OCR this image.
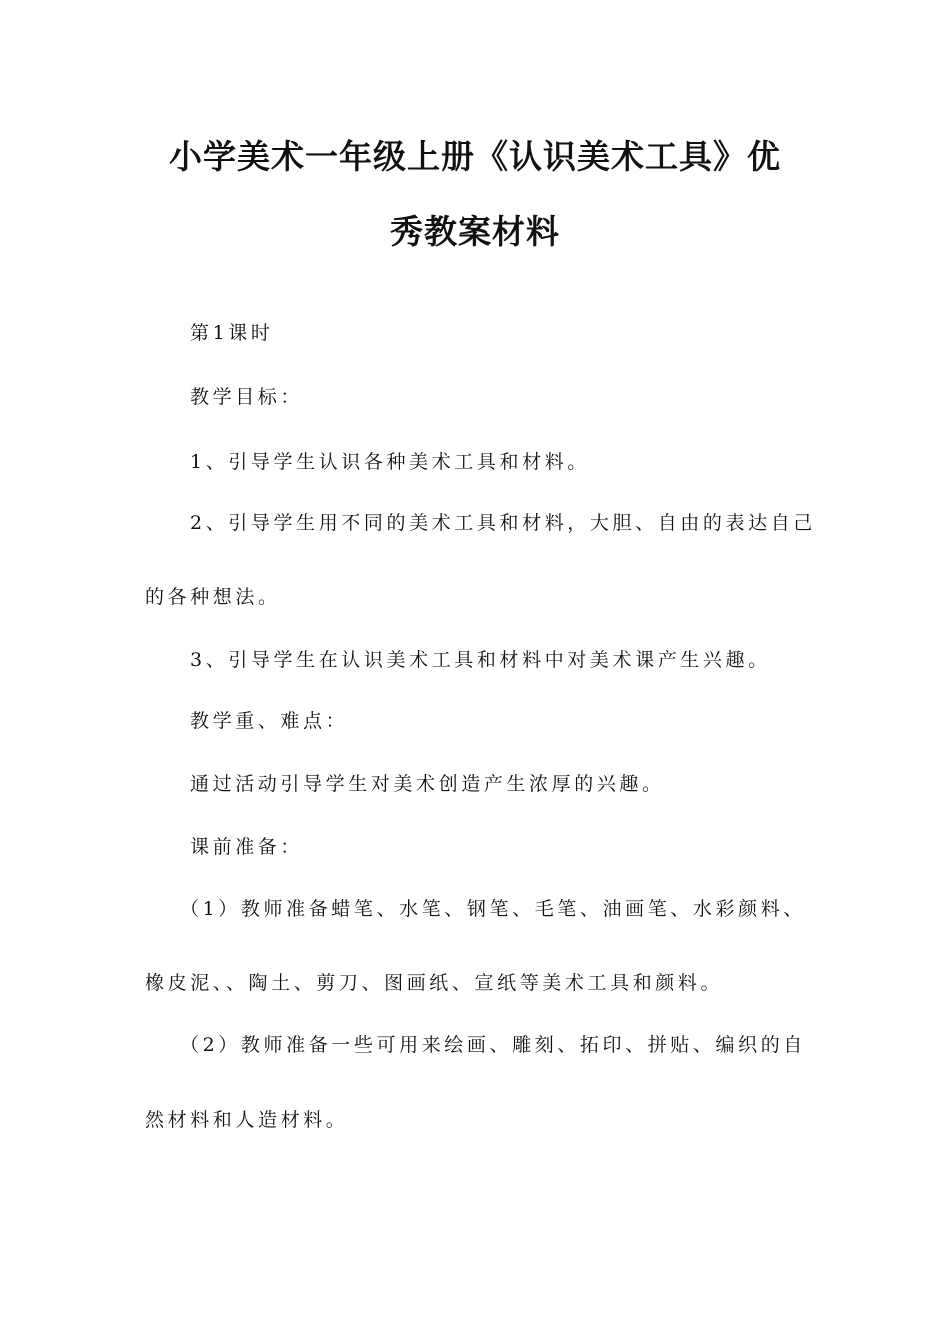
小学美术一年级上册《认识美术工具》优
秀教案材料
第1课时
教学目标：
1、引导学生认识各种美术工具和材料。
2、引导学生用不同的美术工具和材料，大胆、自由的表达自己
的各种想法。
3、引导学生在认识美术工具和材料中对美术课产生兴趣。
教学重、难点：
通过活动引导学生对美术创造产生浓厚的兴趣。
课前准备：
（1）教师准备蜡笔、水笔、钢笔、毛笔、油画笔、水彩颜料、
橡皮泥、、陶土、剪刀、图画纸、宣纸等美术工具和颜料。
（2）教师准备一些可用来绘画、雕刻、拓印、拼贴、编织的自
然材料和人造材料。
